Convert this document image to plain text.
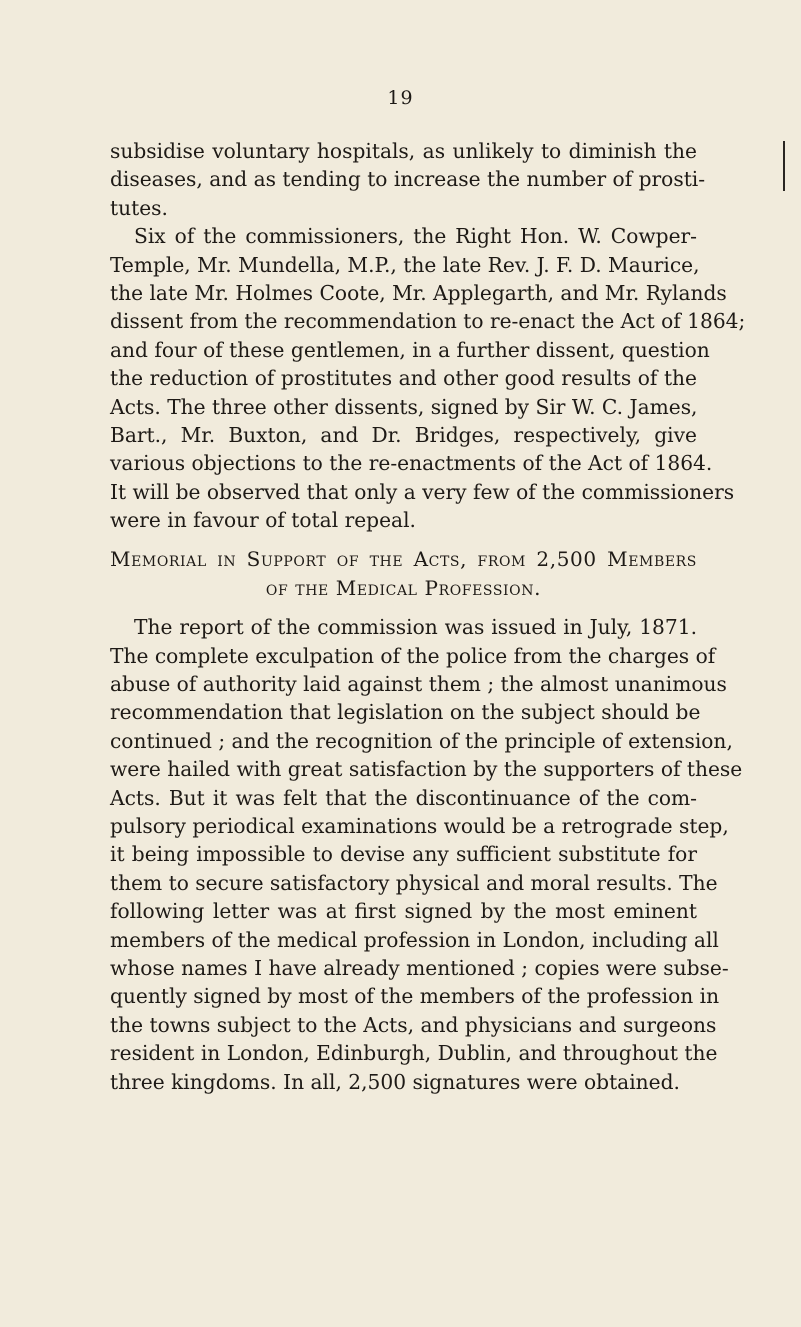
19
subsidise voluntary hospitals, as unlikely to diminish the
diseases, and as tending to increase the number of prosti-
tutes.
Six of the commissioners, the Right Hon. W. Cowper-
Temple, Mr. Mundella, M.P., the late Rev. J. F. D. Maurice,
the late Mr. Holmes Coote, Mr. Applegarth, and Mr. Rylands
dissent from the recommendation to re-enact the Act of 1864;
and four of these gentlemen, in a further dissent, question
the reduction of prostitutes and other good results of the
Acts. The three other dissents, signed by Sir W. C. James,
Bart., Mr. Buxton, and Dr. Bridges, respectively, give
various objections to the re-enactments of the Act of 1864.
It will be observed that only a very few of the commissioners
were in favour of total repeal.
Memorial in Support of the Acts, from 2,500 Members
of the Medical Profession.
The report of the commission was issued in July, 1871.
The complete exculpation of the police from the charges of
abuse of authority laid against them ; the almost unanimous
recommendation that legislation on the subject should be
continued ; and the recognition of the principle of extension,
were hailed with great satisfaction by the supporters of these
Acts. But it was felt that the discontinuance of the com-
pulsory periodical examinations would be a retrograde step,
it being impossible to devise any sufficient substitute for
them to secure satisfactory physical and moral results. The
following letter was at first signed by the most eminent
members of the medical profession in London, including all
whose names I have already mentioned ; copies were subse-
quently signed by most of the members of the profession in
the towns subject to the Acts, and physicians and surgeons
resident in London, Edinburgh, Dublin, and throughout the
three kingdoms. In all, 2,500 signatures were obtained.
